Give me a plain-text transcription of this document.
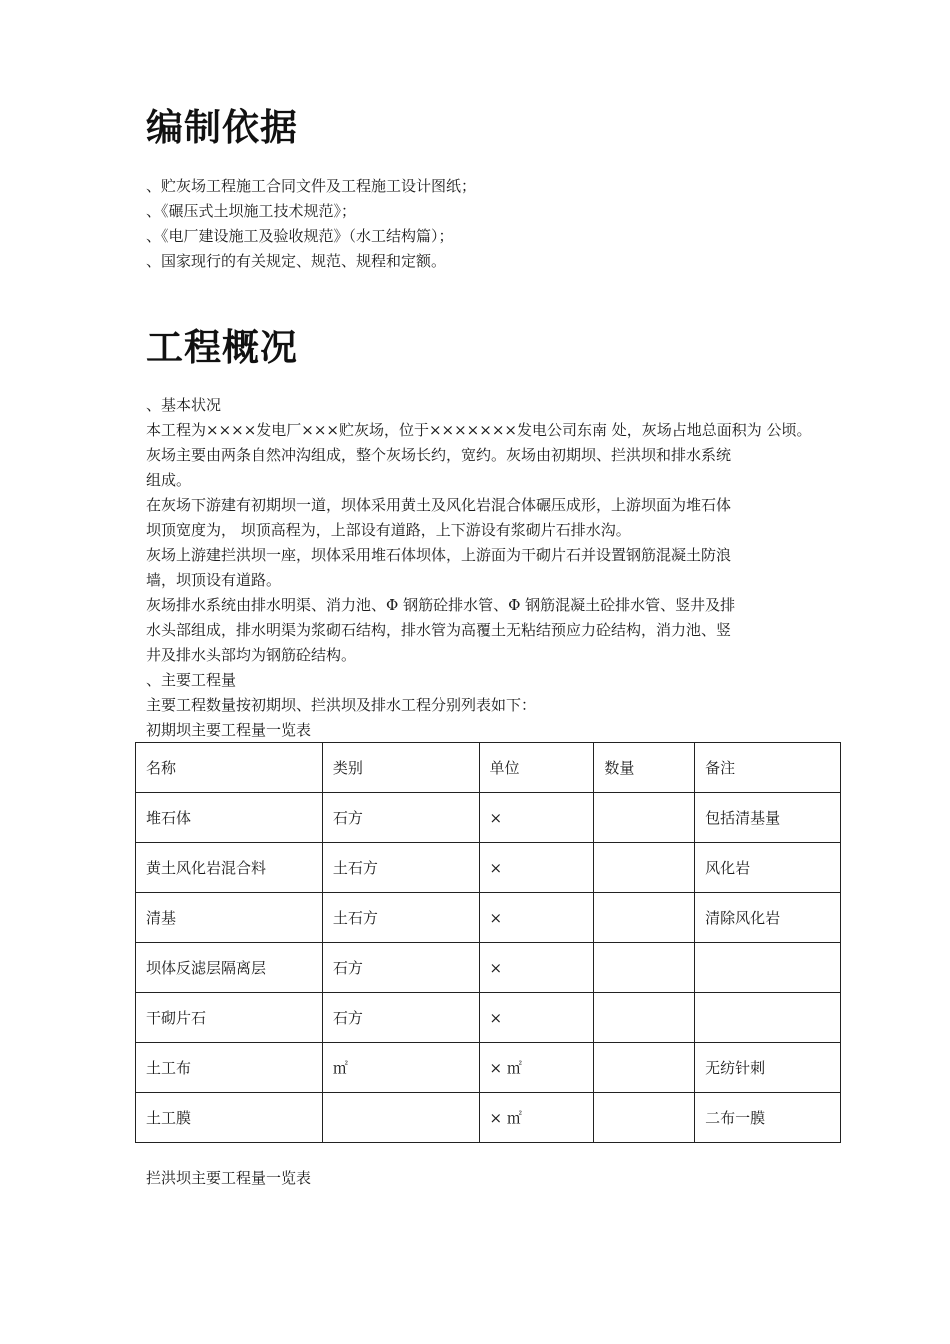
编制依据
、贮灰场工程施工合同文件及工程施工设计图纸；
、《碾压式土坝施工技术规范》；
、《电厂建设施工及验收规范》（水工结构篇）；
、国家现行的有关规定、规范、规程和定额。
工程概况
、基本状况
本工程为××××发电厂×××贮灰场，位于×××××××发电公司东南 处，灰场占地总面积为 公顷。
灰场主要由两条自然冲沟组成，整个灰场长约，宽约。灰场由初期坝、拦洪坝和排水系统
组成。
在灰场下游建有初期坝一道，坝体采用黄土及风化岩混合体碾压成形，上游坝面为堆石体
坝顶宽度为， 坝顶高程为，上部设有道路，上下游设有浆砌片石排水沟。
灰场上游建拦洪坝一座，坝体采用堆石体坝体，上游面为干砌片石并设置钢筋混凝土防浪
墙，坝顶设有道路。
灰场排水系统由排水明渠、消力池、Φ 钢筋砼排水管、Φ 钢筋混凝土砼排水管、竖井及排
水头部组成，排水明渠为浆砌石结构，排水管为高覆土无粘结预应力砼结构，消力池、竖
井及排水头部均为钢筋砼结构。
、主要工程量
主要工程数量按初期坝、拦洪坝及排水工程分别列表如下：
初期坝主要工程量一览表
名称	类别	单位	数量	备注
堆石体	石方	×		包括清基量
黄土风化岩混合料	土石方	×		风化岩
清基	土石方	×		清除风化岩
坝体反滤层隔离层	石方	×		
干砌片石	石方	×		
土工布	㎡	× ㎡		无纺针刺
土工膜		× ㎡		二布一膜
拦洪坝主要工程量一览表
